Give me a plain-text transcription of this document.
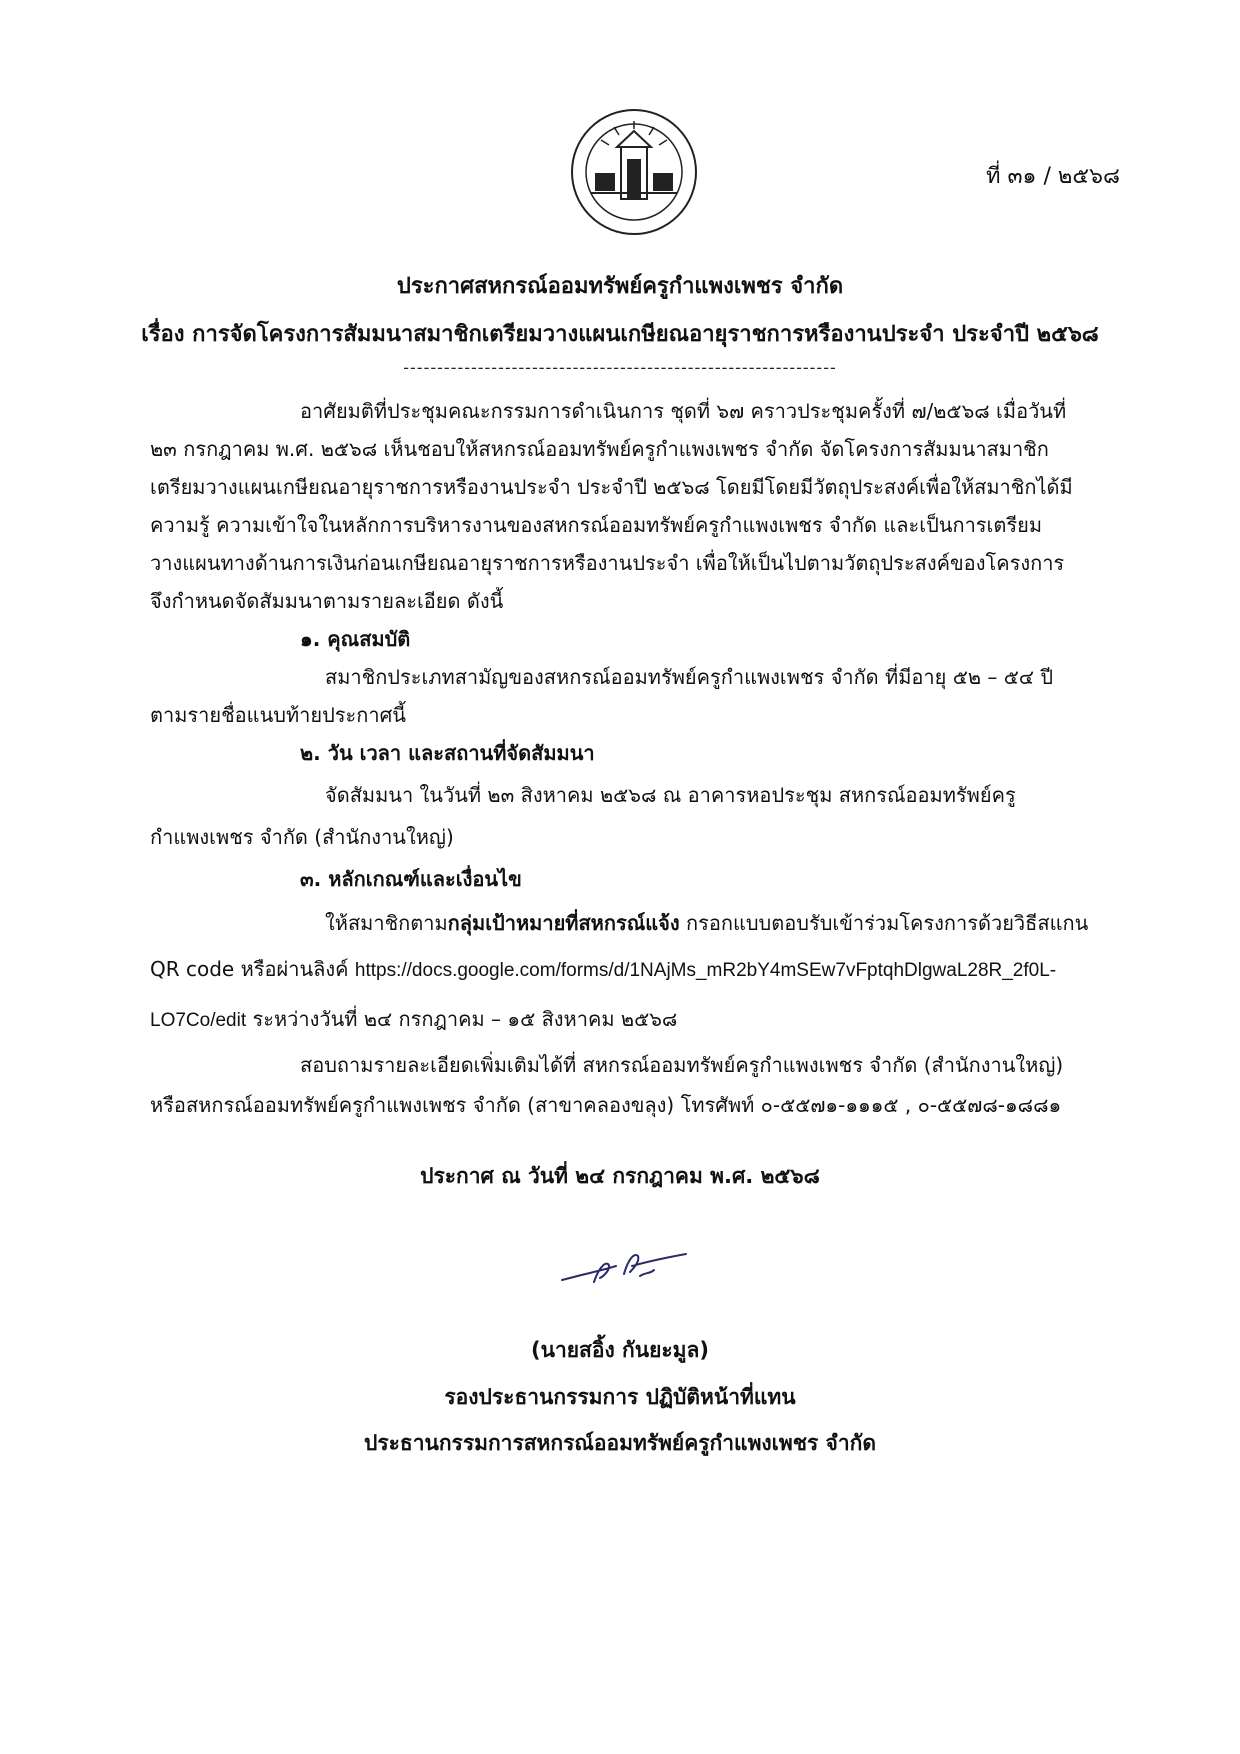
ที่ ๓๑ / ๒๕๖๘
ประกาศสหกรณ์ออมทรัพย์ครูกำแพงเพชร จำกัด
เรื่อง การจัดโครงการสัมมนาสมาชิกเตรียมวางแผนเกษียณอายุราชการหรืองานประจำ ประจำปี ๒๕๖๘
----------------------------------------------------------------
อาศัยมติที่ประชุมคณะกรรมการดำเนินการ ชุดที่ ๖๗ คราวประชุมครั้งที่ ๗/๒๕๖๘ เมื่อวันที่
๒๓ กรกฎาคม พ.ศ. ๒๕๖๘ เห็นชอบให้สหกรณ์ออมทรัพย์ครูกำแพงเพชร จำกัด จัดโครงการสัมมนาสมาชิก
เตรียมวางแผนเกษียณอายุราชการหรืองานประจำ ประจำปี ๒๕๖๘ โดยมีโดยมีวัตถุประสงค์เพื่อให้สมาชิกได้มี
ความรู้ ความเข้าใจในหลักการบริหารงานของสหกรณ์ออมทรัพย์ครูกำแพงเพชร จำกัด และเป็นการเตรียม
วางแผนทางด้านการเงินก่อนเกษียณอายุราชการหรืองานประจำ เพื่อให้เป็นไปตามวัตถุประสงค์ของโครงการ
จึงกำหนดจัดสัมมนาตามรายละเอียด ดังนี้
๑. คุณสมบัติ
สมาชิกประเภทสามัญของสหกรณ์ออมทรัพย์ครูกำแพงเพชร จำกัด ที่มีอายุ ๕๒ – ๕๔ ปี
ตามรายชื่อแนบท้ายประกาศนี้
๒. วัน เวลา และสถานที่จัดสัมมนา
จัดสัมมนา ในวันที่ ๒๓ สิงหาคม ๒๕๖๘ ณ อาคารหอประชุม สหกรณ์ออมทรัพย์ครู
กำแพงเพชร จำกัด (สำนักงานใหญ่)
๓. หลักเกณฑ์และเงื่อนไข
ให้สมาชิกตามกลุ่มเป้าหมายที่สหกรณ์แจ้ง กรอกแบบตอบรับเข้าร่วมโครงการด้วยวิธีสแกน
QR code หรือผ่านลิงค์ https://docs.google.com/forms/d/1NAjMs_mR2bY4mSEw7vFptqhDlgwaL28R_2f0L-
LO7Co/edit ระหว่างวันที่ ๒๔ กรกฎาคม – ๑๕ สิงหาคม ๒๕๖๘
สอบถามรายละเอียดเพิ่มเติมได้ที่ สหกรณ์ออมทรัพย์ครูกำแพงเพชร จำกัด (สำนักงานใหญ่)
หรือสหกรณ์ออมทรัพย์ครูกำแพงเพชร จำกัด (สาขาคลองขลุง) โทรศัพท์ ๐-๕๕๗๑-๑๑๑๕ , ๐-๕๕๗๘-๑๘๘๑
ประกาศ ณ วันที่ ๒๔ กรกฎาคม พ.ศ. ๒๕๖๘
(นายสอิ้ง กันยะมูล)
รองประธานกรรมการ ปฏิบัติหน้าที่แทน
ประธานกรรมการสหกรณ์ออมทรัพย์ครูกำแพงเพชร จำกัด
